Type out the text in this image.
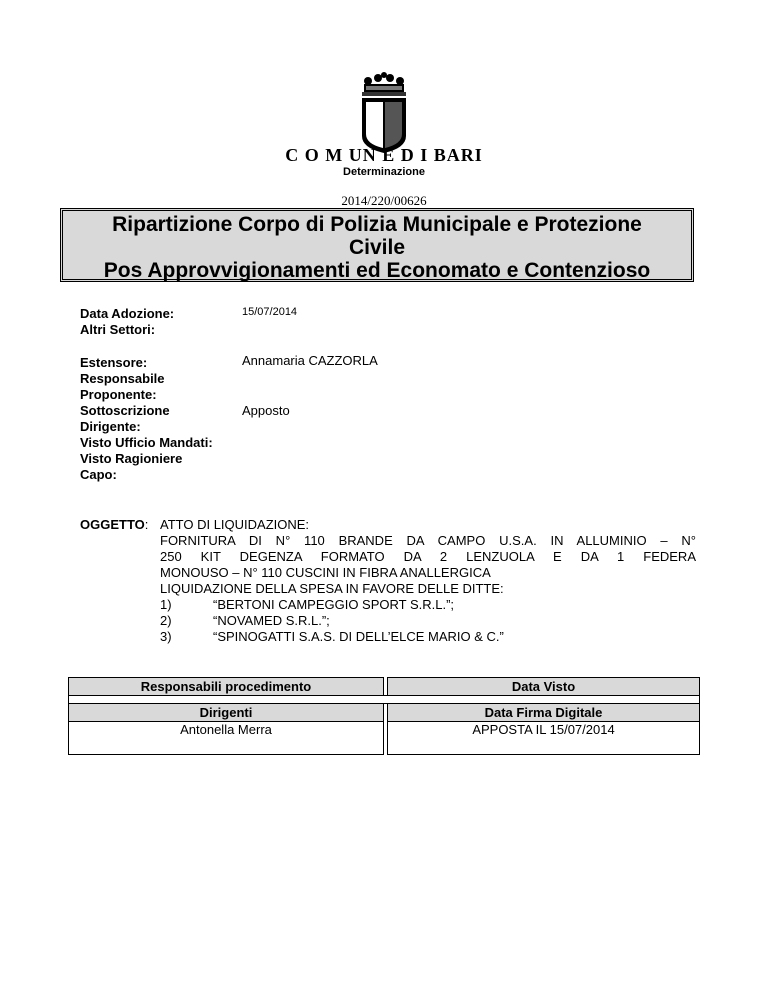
C O M UN E D I BARI
Determinazione
2014/220/00626
Ripartizione Corpo di Polizia Municipale e Protezione
Civile
Pos Approvvigionamenti ed Economato e Contenzioso
Data Adozione:	15/07/2014
Altri Settori:
Estensore:	Annamaria CAZZORLA
Responsabile
Proponente:
Sottoscrizione	Apposto
Dirigente:
Visto Ufficio Mandati:
Visto Ragioniere
Capo:
OGGETTO: ATTO DI LIQUIDAZIONE:
FORNITURA DI N° 110 BRANDE DA CAMPO U.S.A. IN ALLUMINIO – N°
250 KIT DEGENZA FORMATO DA 2 LENZUOLA E DA 1 FEDERA
MONOUSO – N° 110 CUSCINI IN FIBRA ANALLERGICA
LIQUIDAZIONE DELLA SPESA IN FAVORE DELLE DITTE:
1)	“BERTONI CAMPEGGIO SPORT S.R.L.”;
2)	“NOVAMED S.R.L.”;
3)	“SPINOGATTI S.A.S. DI DELL’ELCE MARIO & C.”
Responsabili procedimento		Data Visto

Dirigenti		Data Firma Digitale
Antonella Merra		APPOSTA IL 15/07/2014
